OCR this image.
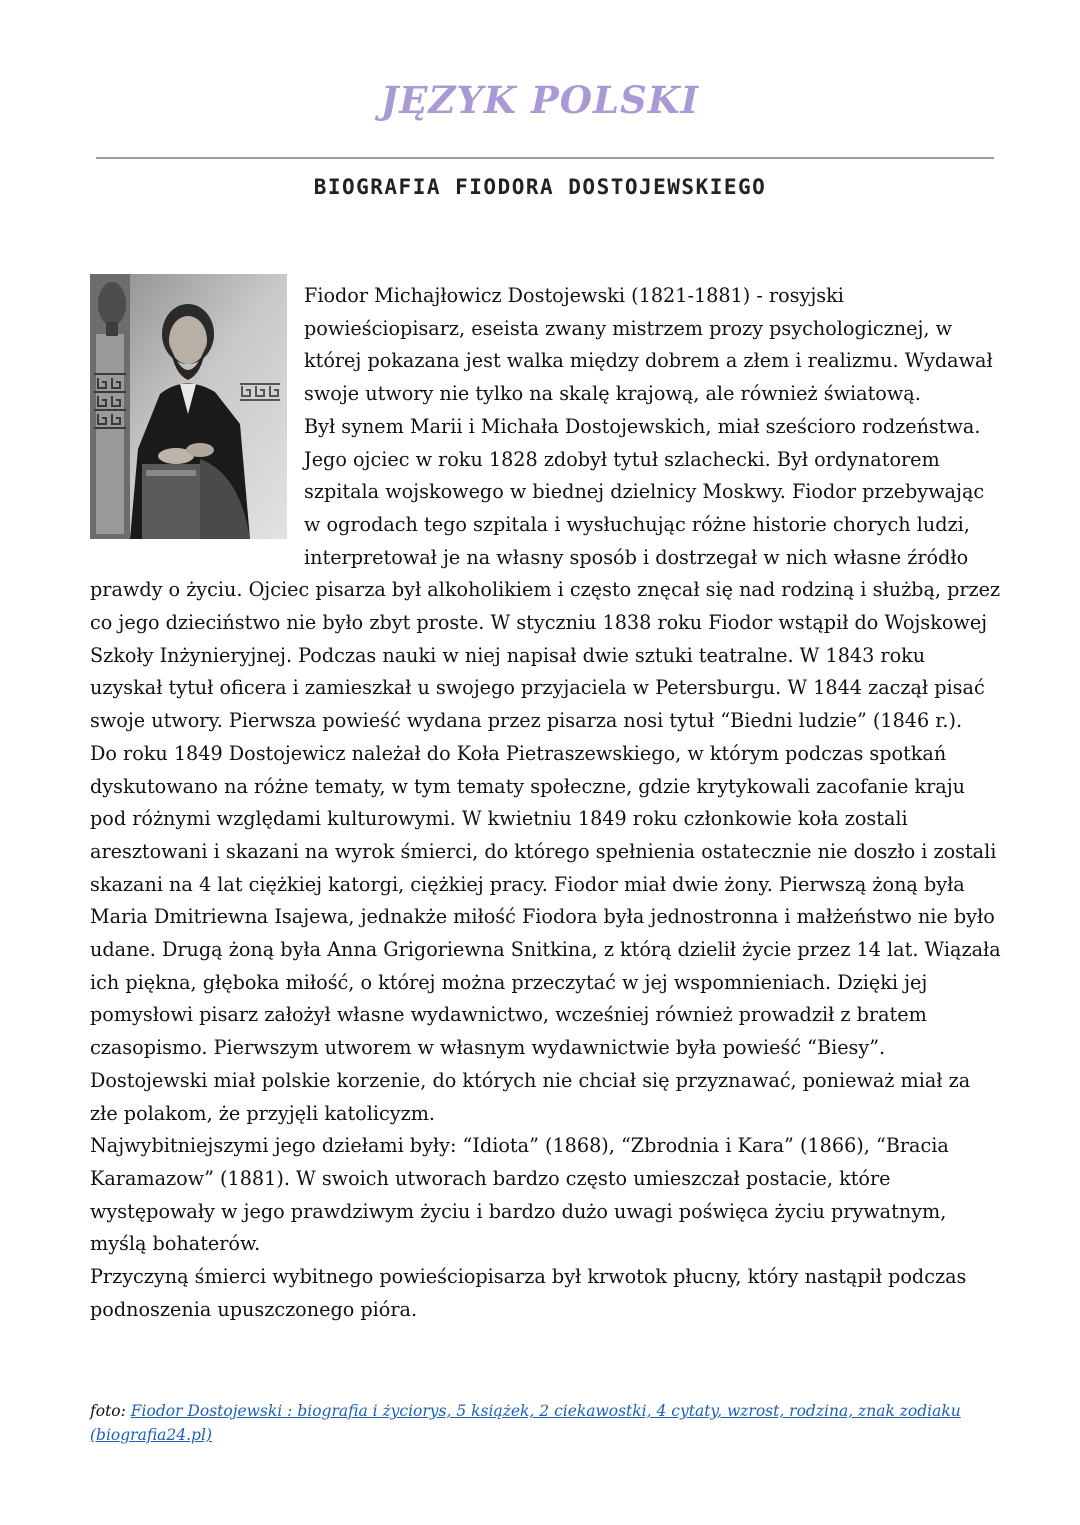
JĘZYK POLSKI
BIOGRAFIA FIODORA DOSTOJEWSKIEGO

Fiodor Michajłowicz Dostojewski (1821-1881) - rosyjski powieściopisarz, eseista zwany mistrzem prozy psychologicznej, w której pokazana jest walka między dobrem a złem i realizmu. Wydawał swoje utwory nie tylko na skalę krajową, ale również światową.

Był synem Marii i Michała Dostojewskich, miał sześcioro rodzeństwa. Jego ojciec w roku 1828 zdobył tytuł szlachecki. Był ordynatorem szpitala wojskowego w biednej dzielnicy Moskwy. Fiodor przebywając w ogrodach tego szpitala i wysłuchując różne historie chorych ludzi, interpretował je na własny sposób i dostrzegał w nich własne źródło prawdy o życiu. Ojciec pisarza był alkoholikiem i często znęcał się nad rodziną i służbą, przez co jego dzieciństwo nie było zbyt proste. W styczniu 1838 roku Fiodor wstąpił do Wojskowej Szkoły Inżynieryjnej. Podczas nauki w niej napisał dwie sztuki teatralne. W 1843 roku uzyskał tytuł oficera i zamieszkał u swojego przyjaciela w Petersburgu. W 1844 zaczął pisać swoje utwory. Pierwsza powieść wydana przez pisarza nosi tytuł “Biedni ludzie” (1846 r.).

Do roku 1849 Dostojewicz należał do Koła Pietraszewskiego, w którym podczas spotkań dyskutowano na różne tematy, w tym tematy społeczne, gdzie krytykowali zacofanie kraju pod różnymi względami kulturowymi. W kwietniu 1849 roku członkowie koła zostali aresztowani i skazani na wyrok śmierci, do którego spełnienia ostatecznie nie doszło i zostali skazani na 4 lat ciężkiej katorgi, ciężkiej pracy. Fiodor miał dwie żony. Pierwszą żoną była Maria Dmitriewna Isajewa, jednakże miłość Fiodora była jednostronna i małżeństwo nie było udane. Drugą żoną była Anna Grigoriewna Snitkina, z którą dzielił życie przez 14 lat. Wiązała ich piękna, głęboka miłość, o której można przeczytać w jej wspomnieniach. Dzięki jej pomysłowi pisarz założył własne wydawnictwo, wcześniej również prowadził z bratem czasopismo. Pierwszym utworem w własnym wydawnictwie była powieść “Biesy”. Dostojewski miał polskie korzenie, do których nie chciał się przyznawać, ponieważ miał za złe polakom, że przyjęli katolicyzm.

Najwybitniejszymi jego dziełami były: “Idiota” (1868), “Zbrodnia i Kara” (1866), “Bracia Karamazow” (1881). W swoich utworach bardzo często umieszczał postacie, które występowały w jego prawdziwym życiu i bardzo dużo uwagi poświęca życiu prywatnym, myślą bohaterów.

Przyczyną śmierci wybitnego powieściopisarza był krwotok płucny, który nastąpił podczas podnoszenia upuszczonego pióra.

foto: Fiodor Dostojewski : biografia i życiorys, 5 książek, 2 ciekawostki, 4 cytaty, wzrost, rodzina, znak zodiaku (biografia24.pl)
